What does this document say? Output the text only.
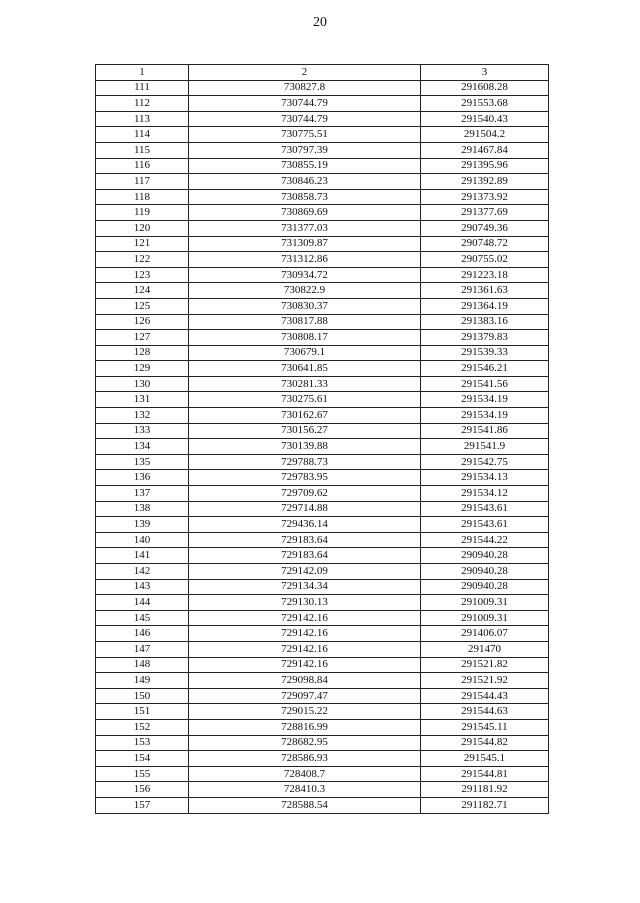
20
1	2	3
111	730827.8	291608.28
112	730744.79	291553.68
113	730744.79	291540.43
114	730775.51	291504.2
115	730797.39	291467.84
116	730855.19	291395.96
117	730846.23	291392.89
118	730858.73	291373.92
119	730869.69	291377.69
120	731377.03	290749.36
121	731309.87	290748.72
122	731312.86	290755.02
123	730934.72	291223.18
124	730822.9	291361.63
125	730830.37	291364.19
126	730817.88	291383.16
127	730808.17	291379.83
128	730679.1	291539.33
129	730641.85	291546.21
130	730281.33	291541.56
131	730275.61	291534.19
132	730162.67	291534.19
133	730156.27	291541.86
134	730139.88	291541.9
135	729788.73	291542.75
136	729783.95	291534.13
137	729709.62	291534.12
138	729714.88	291543.61
139	729436.14	291543.61
140	729183.64	291544.22
141	729183.64	290940.28
142	729142.09	290940.28
143	729134.34	290940.28
144	729130.13	291009.31
145	729142.16	291009.31
146	729142.16	291406.07
147	729142.16	291470
148	729142.16	291521.82
149	729098.84	291521.92
150	729097.47	291544.43
151	729015.22	291544.63
152	728816.99	291545.11
153	728682.95	291544.82
154	728586.93	291545.1
155	728408.7	291544.81
156	728410.3	291181.92
157	728588.54	291182.71
